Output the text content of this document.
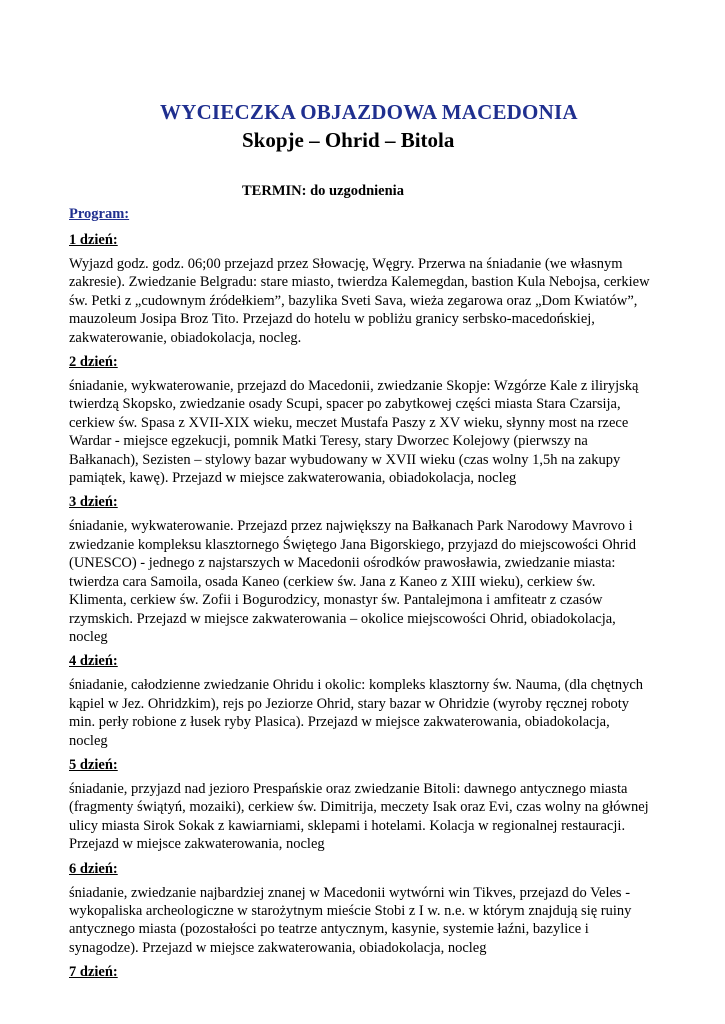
WYCIECZKA OBJAZDOWA MACEDONIA
Skopje – Ohrid – Bitola
TERMIN: do uzgodnienia
Program:
1 dzień:
Wyjazd godz. godz. 06;00 przejazd przez Słowację, Węgry. Przerwa na śniadanie (we własnym
zakresie). Zwiedzanie Belgradu: stare miasto, twierdza Kalemegdan, bastion Kula Nebojsa, cerkiew
św. Petki z „cudownym źródełkiem”, bazylika Sveti Sava, wieża zegarowa oraz „Dom Kwiatów”,
mauzoleum Josipa Broz Tito. Przejazd do hotelu w pobliżu granicy serbsko-macedońskiej,
zakwaterowanie, obiadokolacja, nocleg.
2 dzień:
śniadanie, wykwaterowanie, przejazd do Macedonii, zwiedzanie Skopje: Wzgórze Kale z iliryjską
twierdzą Skopsko, zwiedzanie osady Scupi, spacer po zabytkowej części miasta Stara Czarsija,
cerkiew św. Spasa z XVII-XIX wieku, meczet Mustafa Paszy z XV wieku, słynny most na rzece
Wardar - miejsce egzekucji, pomnik Matki Teresy, stary Dworzec Kolejowy (pierwszy na
Bałkanach), Sezisten – stylowy bazar wybudowany w XVII wieku (czas wolny 1,5h na zakupy
pamiątek, kawę). Przejazd w miejsce zakwaterowania, obiadokolacja, nocleg
3 dzień:
śniadanie, wykwaterowanie. Przejazd przez największy na Bałkanach Park Narodowy Mavrovo i
zwiedzanie kompleksu klasztornego Świętego Jana Bigorskiego, przyjazd do miejscowości Ohrid
(UNESCO) - jednego z najstarszych w Macedonii ośrodków prawosławia, zwiedzanie miasta:
twierdza cara Samoila, osada Kaneo (cerkiew św. Jana z Kaneo z XIII wieku), cerkiew św.
Klimenta, cerkiew św. Zofii i Bogurodzicy, monastyr św. Pantalejmona i amfiteatr z czasów
rzymskich. Przejazd w miejsce zakwaterowania – okolice miejscowości Ohrid, obiadokolacja,
nocleg
4 dzień:
śniadanie, całodzienne zwiedzanie Ohridu i okolic: kompleks klasztorny św. Nauma, (dla chętnych
kąpiel w Jez. Ohridzkim), rejs po Jeziorze Ohrid, stary bazar w Ohridzie (wyroby ręcznej roboty
min. perły robione z łusek ryby Plasica). Przejazd w miejsce zakwaterowania, obiadokolacja,
nocleg
5 dzień:
śniadanie, przyjazd nad jezioro Prespańskie oraz zwiedzanie Bitoli: dawnego antycznego miasta
(fragmenty świątyń, mozaiki), cerkiew św. Dimitrija, meczety Isak oraz Evi, czas wolny na głównej
ulicy miasta Sirok Sokak z kawiarniami, sklepami i hotelami. Kolacja w regionalnej restauracji.
Przejazd w miejsce zakwaterowania, nocleg
6 dzień:
śniadanie, zwiedzanie najbardziej znanej w Macedonii wytwórni win Tikves, przejazd do Veles -
wykopaliska archeologiczne w starożytnym mieście Stobi z I w. n.e. w którym znajdują się ruiny
antycznego miasta (pozostałości po teatrze antycznym, kasynie, systemie łaźni, bazylice i
synagodze). Przejazd w miejsce zakwaterowania, obiadokolacja, nocleg
7 dzień:
